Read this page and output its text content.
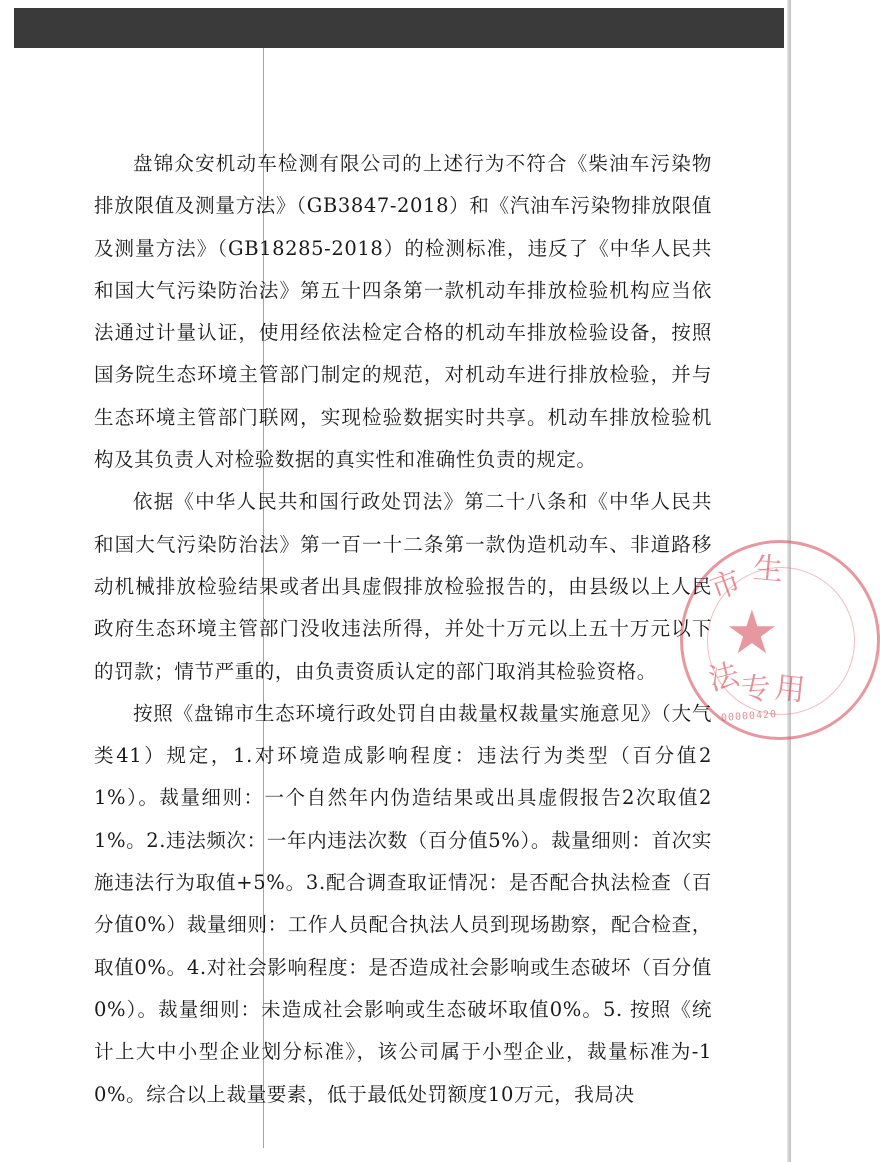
市 生
★
法
专 用
00000420

盘锦众安机动车检测有限公司的上述行为不符合《柴油车污染物排放限值及测量方法》（GB3847-2018）和《汽油车污染物排放限值及测量方法》（GB18285-2018）的检测标准，违反了《中华人民共和国大气污染防治法》第五十四条第一款机动车排放检验机构应当依法通过计量认证，使用经依法检定合格的机动车排放检验设备，按照国务院生态环境主管部门制定的规范，对机动车进行排放检验，并与生态环境主管部门联网，实现检验数据实时共享。机动车排放检验机构及其负责人对检验数据的真实性和准确性负责的规定。

依据《中华人民共和国行政处罚法》第二十八条和《中华人民共和国大气污染防治法》第一百一十二条第一款伪造机动车、非道路移动机械排放检验结果或者出具虚假排放检验报告的，由县级以上人民政府生态环境主管部门没收违法所得，并处十万元以上五十万元以下的罚款；情节严重的，由负责资质认定的部门取消其检验资格。

按照《盘锦市生态环境行政处罚自由裁量权裁量实施意见》（大气类41）规定，1.对环境造成影响程度：违法行为类型（百分值21%）。裁量细则：一个自然年内伪造结果或出具虚假报告2次取值21%。2.违法频次：一年内违法次数（百分值5%）。裁量细则：首次实施违法行为取值+5%。3.配合调查取证情况：是否配合执法检查（百分值0%）裁量细则：工作人员配合执法人员到现场勘察，配合检查，取值0%。4.对社会影响程度：是否造成社会影响或生态破坏（百分值0%）。裁量细则：未造成社会影响或生态破坏取值0%。5. 按照《统计上大中小型企业划分标准》，该公司属于小型企业，裁量标准为-10%。综合以上裁量要素，低于最低处罚额度10万元，我局决
